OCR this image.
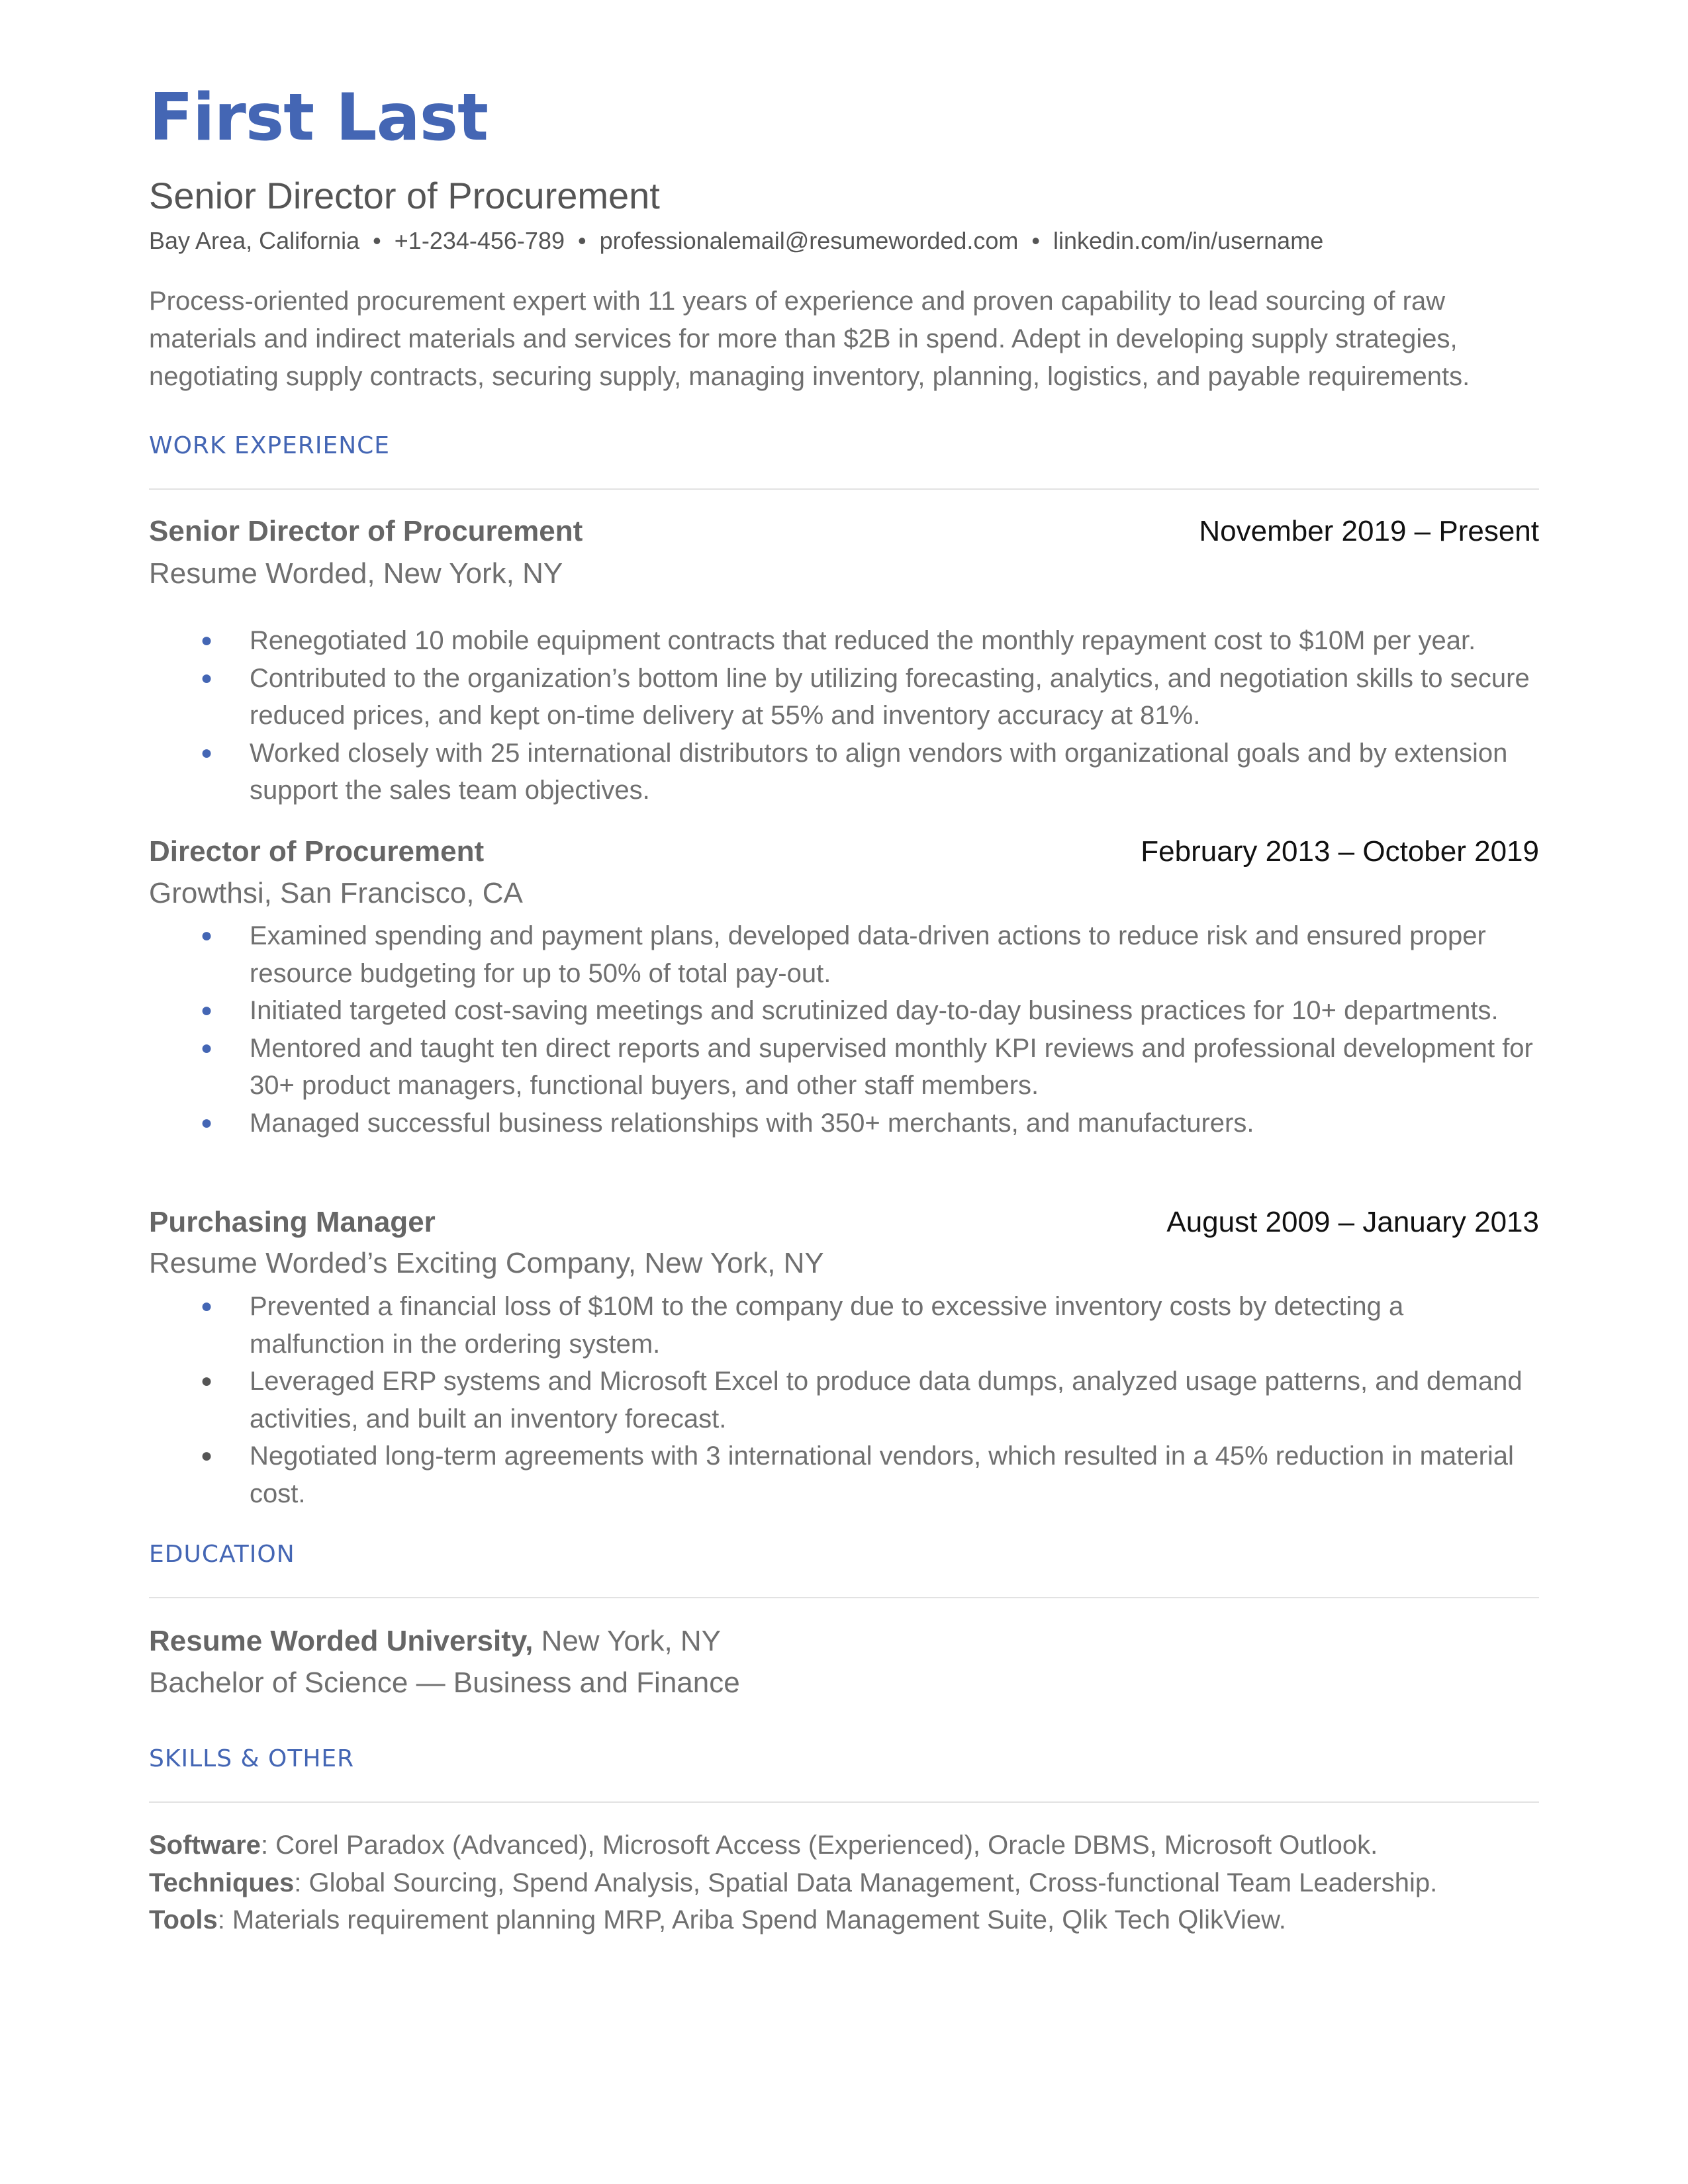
First Last
Senior Director of Procurement
Bay Area, California • +1-234-456-789 • professionalemail@resumeworded.com • linkedin.com/in/username
Process-oriented procurement expert with 11 years of experience and proven capability to lead sourcing of raw materials and indirect materials and services for more than $2B in spend. Adept in developing supply strategies, negotiating supply contracts, securing supply, managing inventory, planning, logistics, and payable requirements.
WORK EXPERIENCE
Senior Director of Procurement	November 2019 – Present
Resume Worded, New York, NY
● Renegotiated 10 mobile equipment contracts that reduced the monthly repayment cost to $10M per year.
● Contributed to the organization’s bottom line by utilizing forecasting, analytics, and negotiation skills to secure reduced prices, and kept on-time delivery at 55% and inventory accuracy at 81%.
● Worked closely with 25 international distributors to align vendors with organizational goals and by extension support the sales team objectives.
Director of Procurement	February 2013 – October 2019
Growthsi, San Francisco, CA
● Examined spending and payment plans, developed data-driven actions to reduce risk and ensured proper resource budgeting for up to 50% of total pay-out.
● Initiated targeted cost-saving meetings and scrutinized day-to-day business practices for 10+ departments.
● Mentored and taught ten direct reports and supervised monthly KPI reviews and professional development for 30+ product managers, functional buyers, and other staff members.
● Managed successful business relationships with 350+ merchants, and manufacturers.
Purchasing Manager	August 2009 – January 2013
Resume Worded’s Exciting Company, New York, NY
● Prevented a financial loss of $10M to the company due to excessive inventory costs by detecting a malfunction in the ordering system.
● Leveraged ERP systems and Microsoft Excel to produce data dumps, analyzed usage patterns, and demand activities, and built an inventory forecast.
● Negotiated long-term agreements with 3 international vendors, which resulted in a 45% reduction in material cost.
EDUCATION
Resume Worded University, New York, NY
Bachelor of Science — Business and Finance
SKILLS & OTHER
Software: Corel Paradox (Advanced), Microsoft Access (Experienced), Oracle DBMS, Microsoft Outlook.
Techniques: Global Sourcing, Spend Analysis, Spatial Data Management, Cross-functional Team Leadership.
Tools: Materials requirement planning MRP, Ariba Spend Management Suite, Qlik Tech QlikView.
